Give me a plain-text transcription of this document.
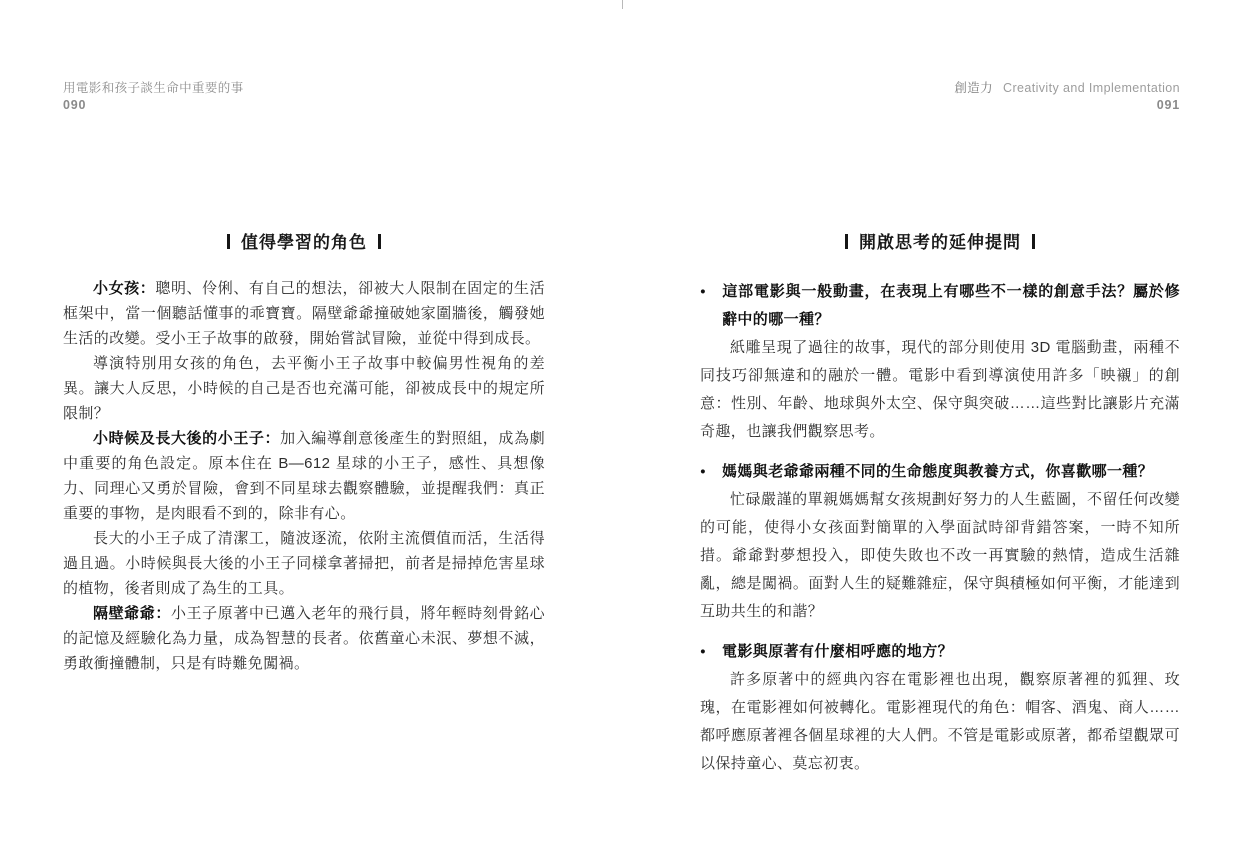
用電影和孩子談生命中重要的事
090
值得學習的角色

小女孩：聰明、伶俐、有自己的想法，卻被大人限制在固定的生活框架中，當一個聽話懂事的乖寶寶。隔壁爺爺撞破她家圍牆後，觸發她生活的改變。受小王子故事的啟發，開始嘗試冒險，並從中得到成長。

導演特別用女孩的角色，去平衡小王子故事中較偏男性視角的差異。讓大人反思，小時候的自己是否也充滿可能，卻被成長中的規定所限制？

小時候及長大後的小王子：加入編導創意後產生的對照組，成為劇中重要的角色設定。原本住在 B—612 星球的小王子，感性、具想像力、同理心又勇於冒險，會到不同星球去觀察體驗，並提醒我們：真正重要的事物，是肉眼看不到的，除非有心。

長大的小王子成了清潔工，隨波逐流，依附主流價值而活，生活得過且過。小時候與長大後的小王子同樣拿著掃把，前者是掃掉危害星球的植物，後者則成了為生的工具。

隔壁爺爺：小王子原著中已邁入老年的飛行員，將年輕時刻骨銘心的記憶及經驗化為力量，成為智慧的長者。依舊童心未泯、夢想不滅，勇敢衝撞體制，只是有時難免闖禍。

創造力 Creativity and Implementation
091
開啟思考的延伸提問
● 這部電影與一般動畫，在表現上有哪些不一樣的創意手法？屬於修辭中的哪一種？

紙雕呈現了過往的故事，現代的部分則使用 3D 電腦動畫，兩種不同技巧卻無違和的融於一體。電影中看到導演使用許多「映襯」的創意：性別、年齡、地球與外太空、保守與突破……這些對比讓影片充滿奇趣，也讓我們觀察思考。

● 媽媽與老爺爺兩種不同的生命態度與教養方式，你喜歡哪一種？

忙碌嚴謹的單親媽媽幫女孩規劃好努力的人生藍圖，不留任何改變的可能，使得小女孩面對簡單的入學面試時卻背錯答案，一時不知所措。爺爺對夢想投入，即使失敗也不改一再實驗的熱情，造成生活雜亂，總是闖禍。面對人生的疑難雜症，保守與積極如何平衡，才能達到互助共生的和諧？

● 電影與原著有什麼相呼應的地方？

許多原著中的經典內容在電影裡也出現，觀察原著裡的狐狸、玫瑰，在電影裡如何被轉化。電影裡現代的角色：帽客、酒鬼、商人……都呼應原著裡各個星球裡的大人們。不管是電影或原著，都希望觀眾可以保持童心、莫忘初衷。
